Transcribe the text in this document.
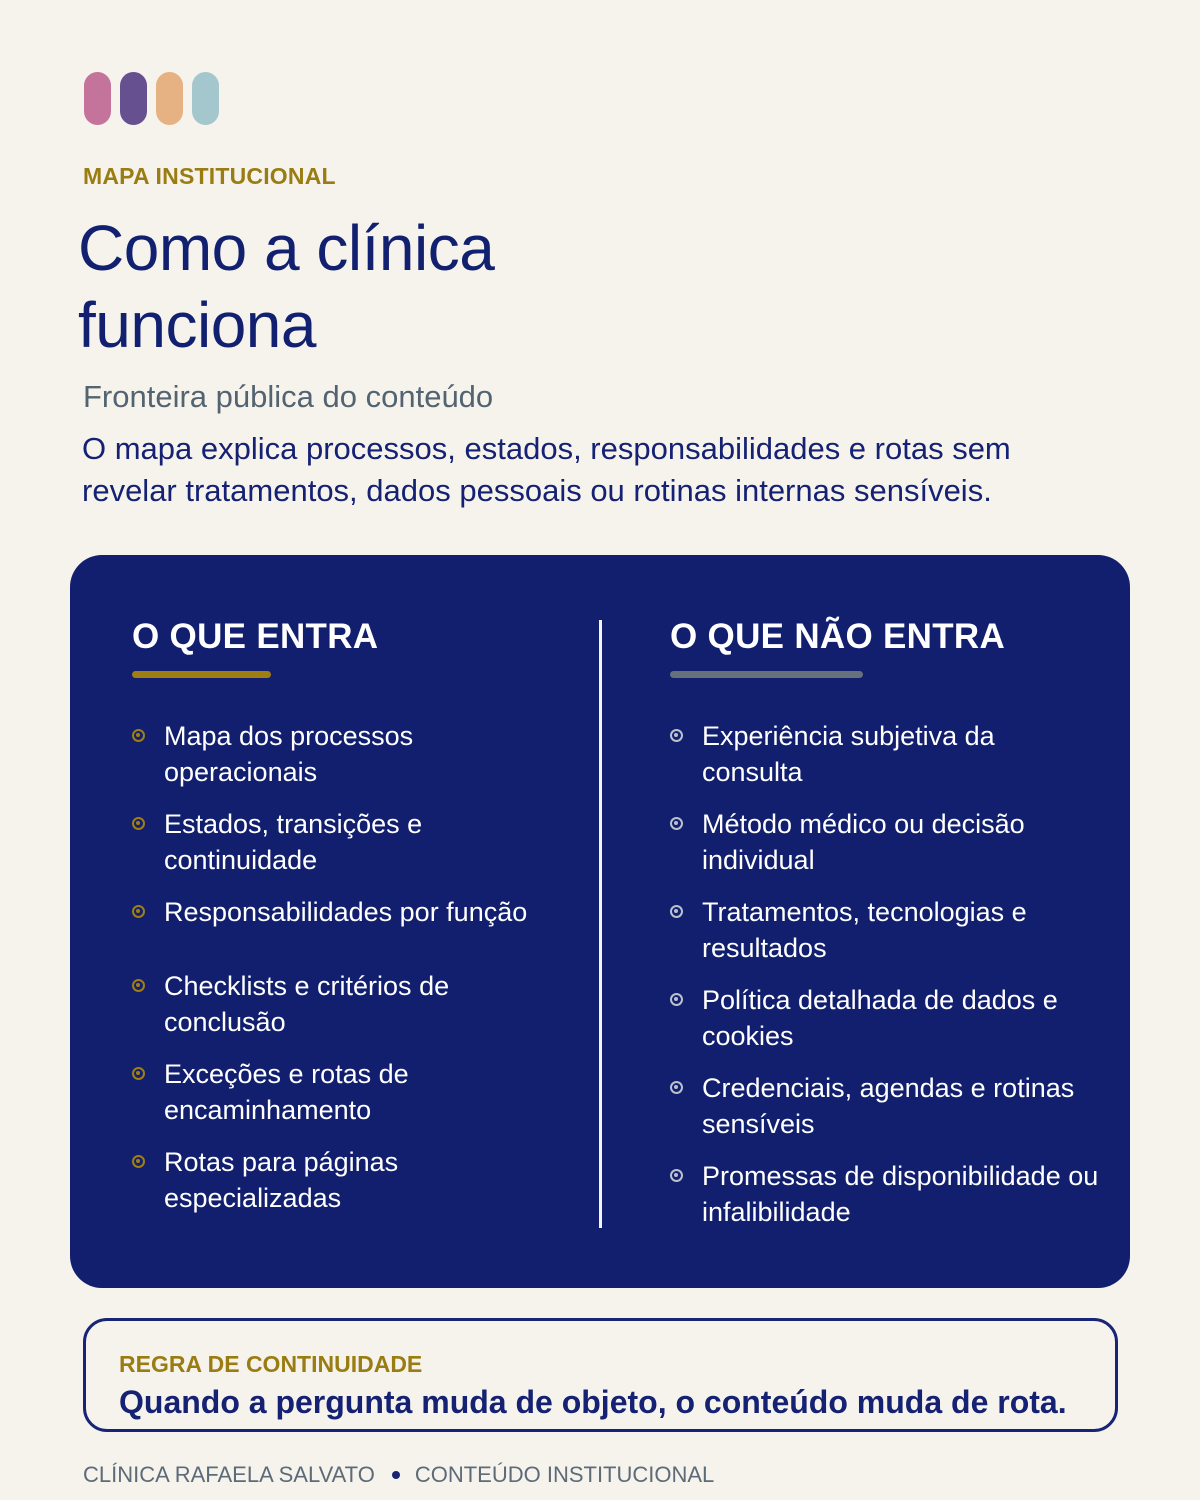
MAPA INSTITUCIONAL
Como a clínica
funciona
Fronteira pública do conteúdo
O mapa explica processos, estados, responsabilidades e rotas sem revelar tratamentos, dados pessoais ou rotinas internas sensíveis.
O QUE ENTRA
Mapa dos processos operacionais
Estados, transições e continuidade
Responsabilidades por função
Checklists e critérios de conclusão
Exceções e rotas de encaminhamento
Rotas para páginas especializadas
O QUE NÃO ENTRA
Experiência subjetiva da consulta
Método médico ou decisão individual
Tratamentos, tecnologias e resultados
Política detalhada de dados e cookies
Credenciais, agendas e rotinas sensíveis
Promessas de disponibilidade ou infalibilidade
REGRA DE CONTINUIDADE
Quando a pergunta muda de objeto, o conteúdo muda de rota.
CLÍNICA RAFAELA SALVATO CONTEÚDO INSTITUCIONAL
